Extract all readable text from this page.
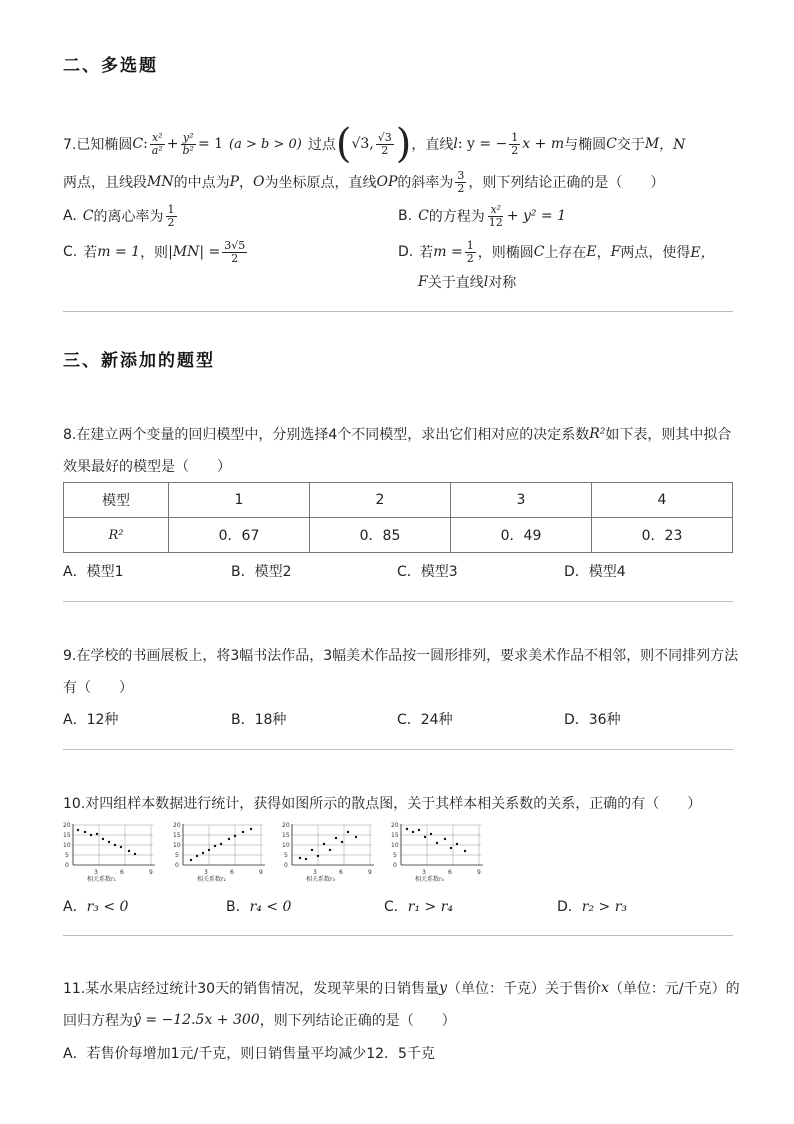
二、多选题
7.已知椭圆 C : $\frac{\text{x²}}{\text{a²}} + \frac{\text{y²}}{\text{b²}} = 1$ (a > b > 0) 过点 ( √3, $\frac{√3}{2}$ ) ，直线 l : y = − $\frac{1}{2}$ x + m 与椭圆 C 交于 M ，N
两点，且线段 MN 的中点为 P ， O 为坐标原点，直线 OP 的斜率为 $\frac{3}{2}$ ，则下列结论正确的是（　　）
A. C 的离心率为 $\frac{1}{2}$	B. C 的方程为 $\frac{\text{x²}}{12} + y^2 = 1$
C. 若 m = 1 ，则 $|MN| = \frac{3√5}{2}$	D. 若 $m = \frac{1}{2}$ ，则椭圆 C 上存在 E ， F 两点，使得 E，
F 关于直线 l 对称
三、新添加的题型
8.在建立两个变量的回归模型中，分别选择4个不同模型，求出它们相对应的决定系数 R² 如下表，则其中拟合
效果最好的模型是（　　）
模型	1	2	3	4
R²	0．67	0．85	0．49	0．23
A．模型1	B．模型2	C．模型3	D．模型4
9.在学校的书画展板上，将3幅书法作品，3幅美术作品按一圆形排列，要求美术作品不相邻，则不同排列方法
有（　　）
A．12种	B．18种	C．24种	D．36种
10.对四组样本数据进行统计，获得如图所示的散点图，关于其样本相关系数的关系，正确的有（　　）
20
15
10
5
0
3	6	9
相关系数r₁
20
15
10
5
0
3	6	9
相关系数r₂
20
15
10
5
0
3	6	9
相关系数r₃
20
15
10
5
0
3	6	9
相关系数r₄
A．r₃ < 0	B．r₄ < 0	C．r₁ > r₄	D．r₂ > r₃
11.某水果店经过统计30天的销售情况，发现苹果的日销售量 y （单位：千克）关于售价 x （单位：元/千克）的
回归方程为 ŷ = −12.5x + 300 ，则下列结论正确的是（　　）
A．若售价每增加1元/千克，则日销售量平均减少12．5千克
